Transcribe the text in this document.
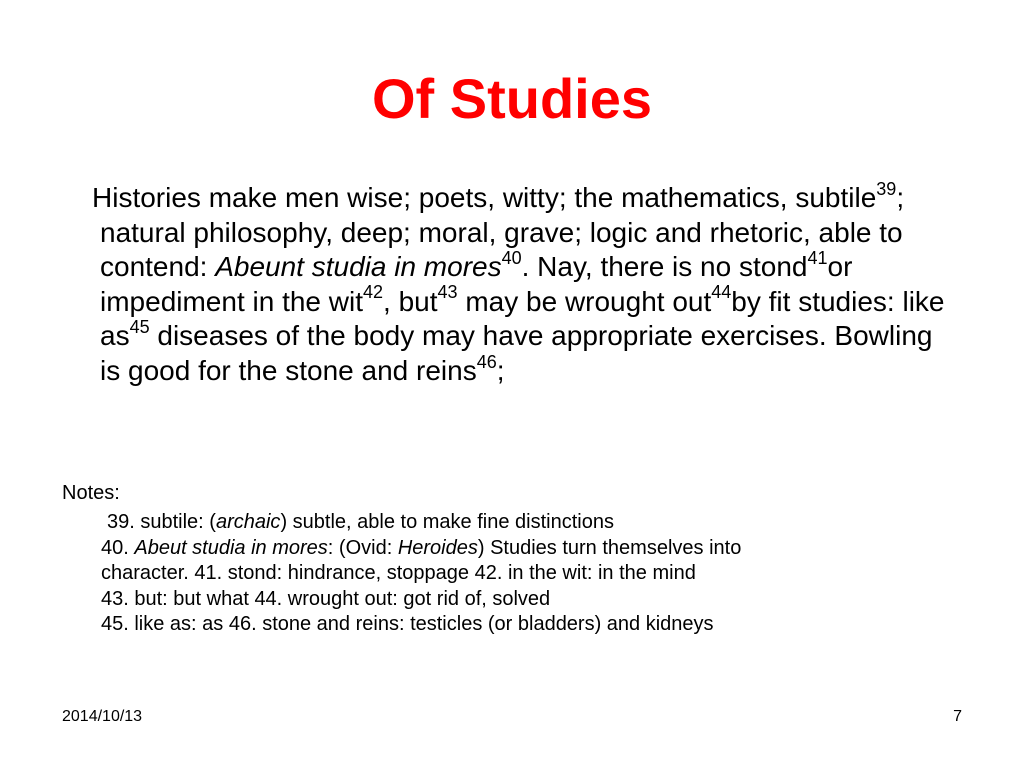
Of Studies

Histories make men wise; poets, witty; the mathematics, subtile$^{39}$; natural philosophy, deep; moral, grave; logic and rhetoric, able to contend: Abeunt studia in mores$^{40}$. Nay, there is no stond$^{41}$or impediment in the wit$^{42}$, but$^{43}$ may be wrought out$^{44}$by fit studies: like $as^{45}$ diseases of the body may have appropriate exercises. Bowling is good for the stone and reins$^{46}$;

Notes:
39. subtile: (archaic) subtle, able to make fine distinctions
40. Abeut studia in mores: (Ovid: Heroides) Studies turn themselves into
character. 41. stond: hindrance, stoppage 42. in the wit: in the mind
43. but: but what 44. wrought out: got rid of, solved
45. like as: as 46. stone and reins: testicles (or bladders) and kidneys
2014/10/13	7
